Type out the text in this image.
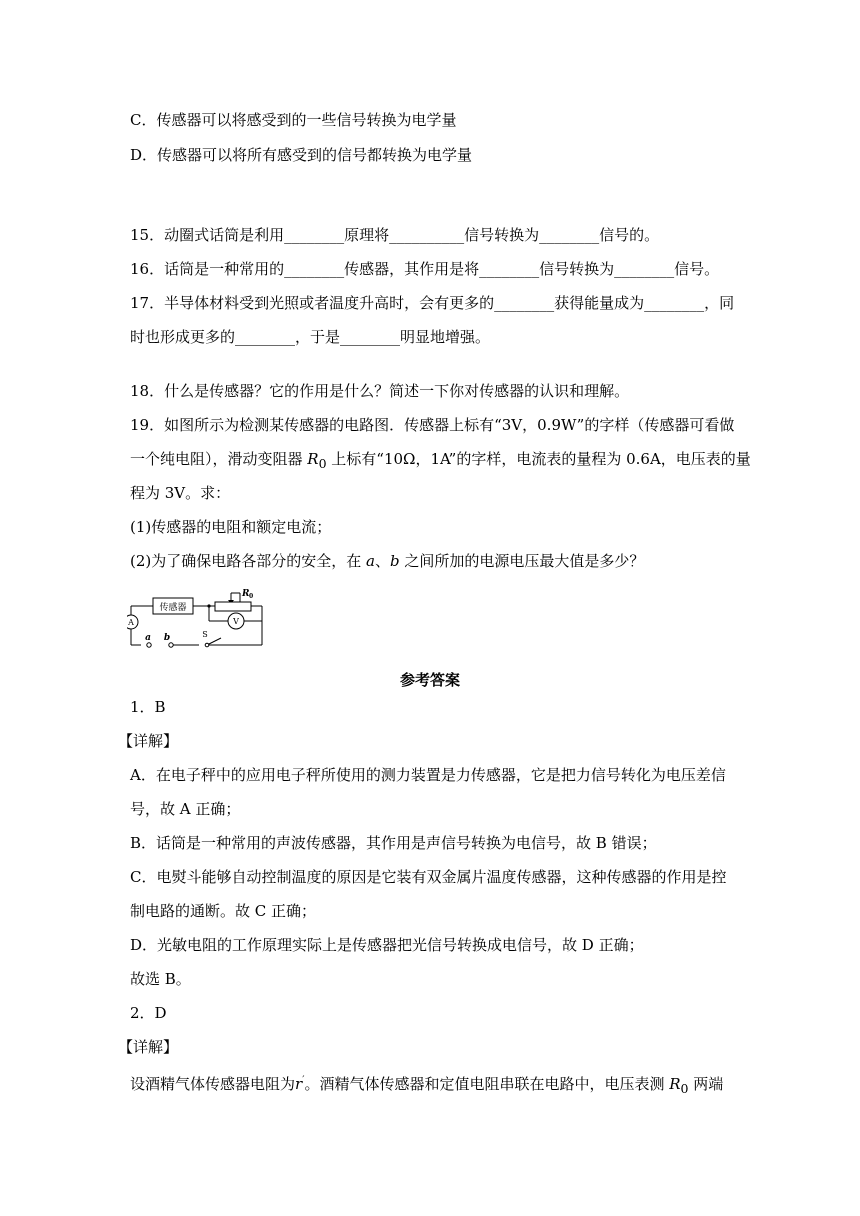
C．传感器可以将感受到的一些信号转换为电学量
D．传感器可以将所有感受到的信号都转换为电学量
15．动圈式话筒是利用________原理将__________信号转换为________信号的。
16．话筒是一种常用的________传感器，其作用是将________信号转换为________信号。
17．半导体材料受到光照或者温度升高时，会有更多的________获得能量成为________，同
时也形成更多的________，于是________明显地增强。
18．什么是传感器？它的作用是什么？简述一下你对传感器的认识和理解。
19．如图所示为检测某传感器的电路图．传感器上标有“3V，0.9W”的字样（传感器可看做
一个纯电阻），滑动变阻器 $R_0$ 上标有“10Ω，1A”的字样，电流表的量程为 0.6A，电压表的量
程为 3V。求：
(1)传感器的电阻和额定电流；
(2)为了确保电路各部分的安全，在 a、b 之间所加的电源电压最大值是多少？
传感器
R 0
A	V
a b	S
参考答案
1．B
【详解】
A．在电子秤中的应用电子秤所使用的测力装置是力传感器，它是把力信号转化为电压差信
号，故 A 正确；
B．话筒是一种常用的声波传感器，其作用是声信号转换为电信号，故 B 错误；
C．电熨斗能够自动控制温度的原因是它装有双金属片温度传感器，这种传感器的作用是控
制电路的通断。故 C 正确；
D．光敏电阻的工作原理实际上是传感器把光信号转换成电信号，故 D 正确；
故选 B。
2．D
【详解】
设酒精气体传感器电阻为r′。酒精气体传感器和定值电阻串联在电路中，电压表测 $R_0$ 两端
